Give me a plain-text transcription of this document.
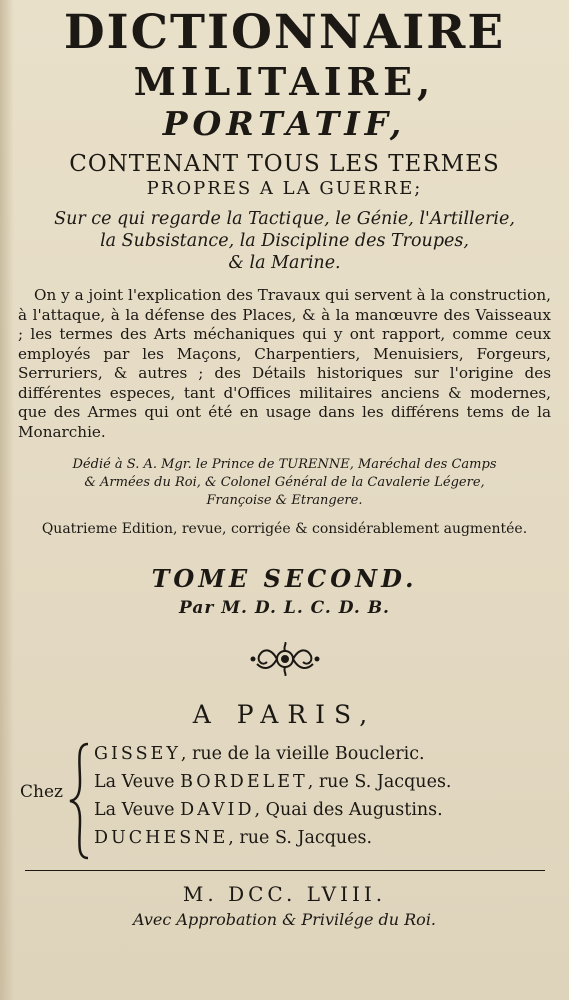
DICTIONNAIRE
MILITAIRE,
PORTATIF,
CONTENANT TOUS LES TERMES
PROPRES A LA GUERRE;
Sur ce qui regarde la Tactique, le Génie, l'Artillerie,
la Subsistance, la Discipline des Troupes,
& la Marine.
On y a joint l'explication des Travaux qui servent à la construction, à l'attaque, à la défense des Places, & à la manœuvre des Vaisseaux ; les termes des Arts méchaniques qui y ont rapport, comme ceux employés par les Maçons, Charpentiers, Menuisiers, Forgeurs, Serruriers, & autres ; des Détails historiques sur l'origine des différentes especes, tant d'Offices militaires anciens & modernes, que des Armes qui ont été en usage dans les différens tems de la Monarchie.
Dédié à S. A. Mgr. le Prince de TURENNE, Maréchal des Camps
& Armées du Roi, & Colonel Général de la Cavalerie Légere,
Françoise & Etrangere.
Quatrieme Edition, revue, corrigée & considérablement augmentée.
TOME SECOND.
Par M. D. L. C. D. B.
A PARIS,
Chez
GISSEY, rue de la vieille Boucleric.
La Veuve BORDELET, rue S. Jacques.
La Veuve DAVID, Quai des Augustins.
DUCHESNE, rue S. Jacques.
M. DCC. LVIII.
Avec Approbation & Privilége du Roi.
